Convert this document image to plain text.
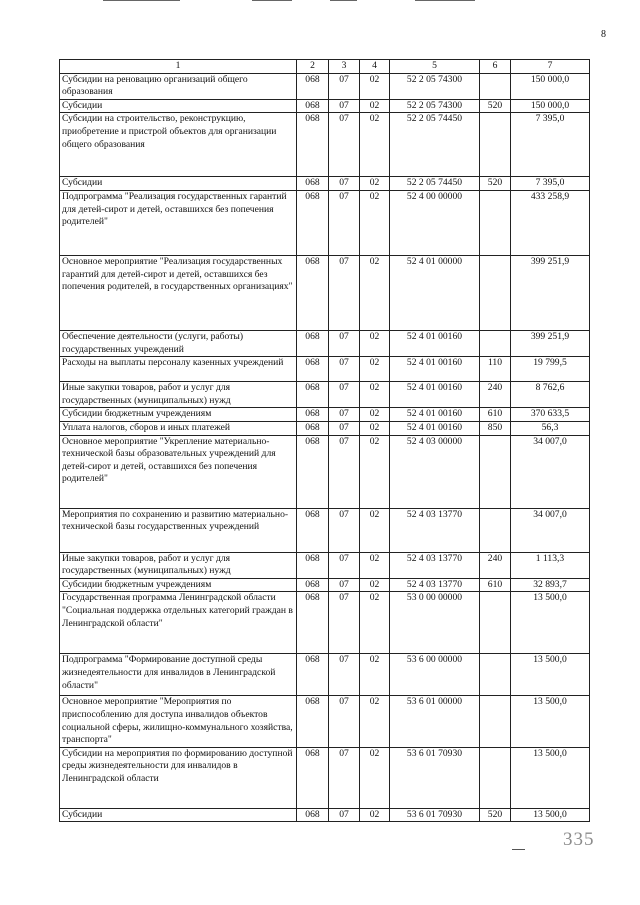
8
1	2	3	4	5	6	7
Субсидии на реновацию организаций общего образования	068	07	02	52 2 05 74300		150 000,0
Субсидии	068	07	02	52 2 05 74300	520	150 000,0
Субсидии на строительство, реконструкцию, приобретение и пристрой объектов для организации общего образования	068	07	02	52 2 05 74450		7 395,0
Субсидии	068	07	02	52 2 05 74450	520	7 395,0
Подпрограмма "Реализация государственных гарантий для детей-сирот и детей, оставшихся без попечения родителей"	068	07	02	52 4 00 00000		433 258,9
Основное мероприятие "Реализация государственных гарантий для детей-сирот и детей, оставшихся без попечения родителей, в государственных организациях"	068	07	02	52 4 01 00000		399 251,9
Обеспечение деятельности (услуги, работы) государственных учреждений	068	07	02	52 4 01 00160		399 251,9
Расходы на выплаты персоналу казенных учреждений	068	07	02	52 4 01 00160	110	19 799,5
Иные закупки товаров, работ и услуг для государственных (муниципальных) нужд	068	07	02	52 4 01 00160	240	8 762,6
Субсидии бюджетным учреждениям	068	07	02	52 4 01 00160	610	370 633,5
Уплата налогов, сборов и иных платежей	068	07	02	52 4 01 00160	850	56,3
Основное мероприятие "Укрепление материально-технической базы образовательных учреждений для детей-сирот и детей, оставшихся без попечения родителей"	068	07	02	52 4 03 00000		34 007,0
Мероприятия по сохранению и развитию материально-технической базы государственных учреждений	068	07	02	52 4 03 13770		34 007,0
Иные закупки товаров, работ и услуг для государственных (муниципальных) нужд	068	07	02	52 4 03 13770	240	1 113,3
Субсидии бюджетным учреждениям	068	07	02	52 4 03 13770	610	32 893,7
Государственная программа Ленинградской области "Социальная поддержка отдельных категорий граждан в Ленинградской области"	068	07	02	53 0 00 00000		13 500,0
Подпрограмма "Формирование доступной среды жизнедеятельности для инвалидов в Ленинградской области"	068	07	02	53 6 00 00000		13 500,0
Основное мероприятие "Мероприятия по приспособлению для доступа инвалидов объектов социальной сферы, жилищно-коммунального хозяйства, транспорта"	068	07	02	53 6 01 00000		13 500,0
Субсидии на мероприятия по формированию доступной среды жизнедеятельности для инвалидов в Ленинградской области	068	07	02	53 6 01 70930		13 500,0
Субсидии	068	07	02	53 6 01 70930	520	13 500,0
335
